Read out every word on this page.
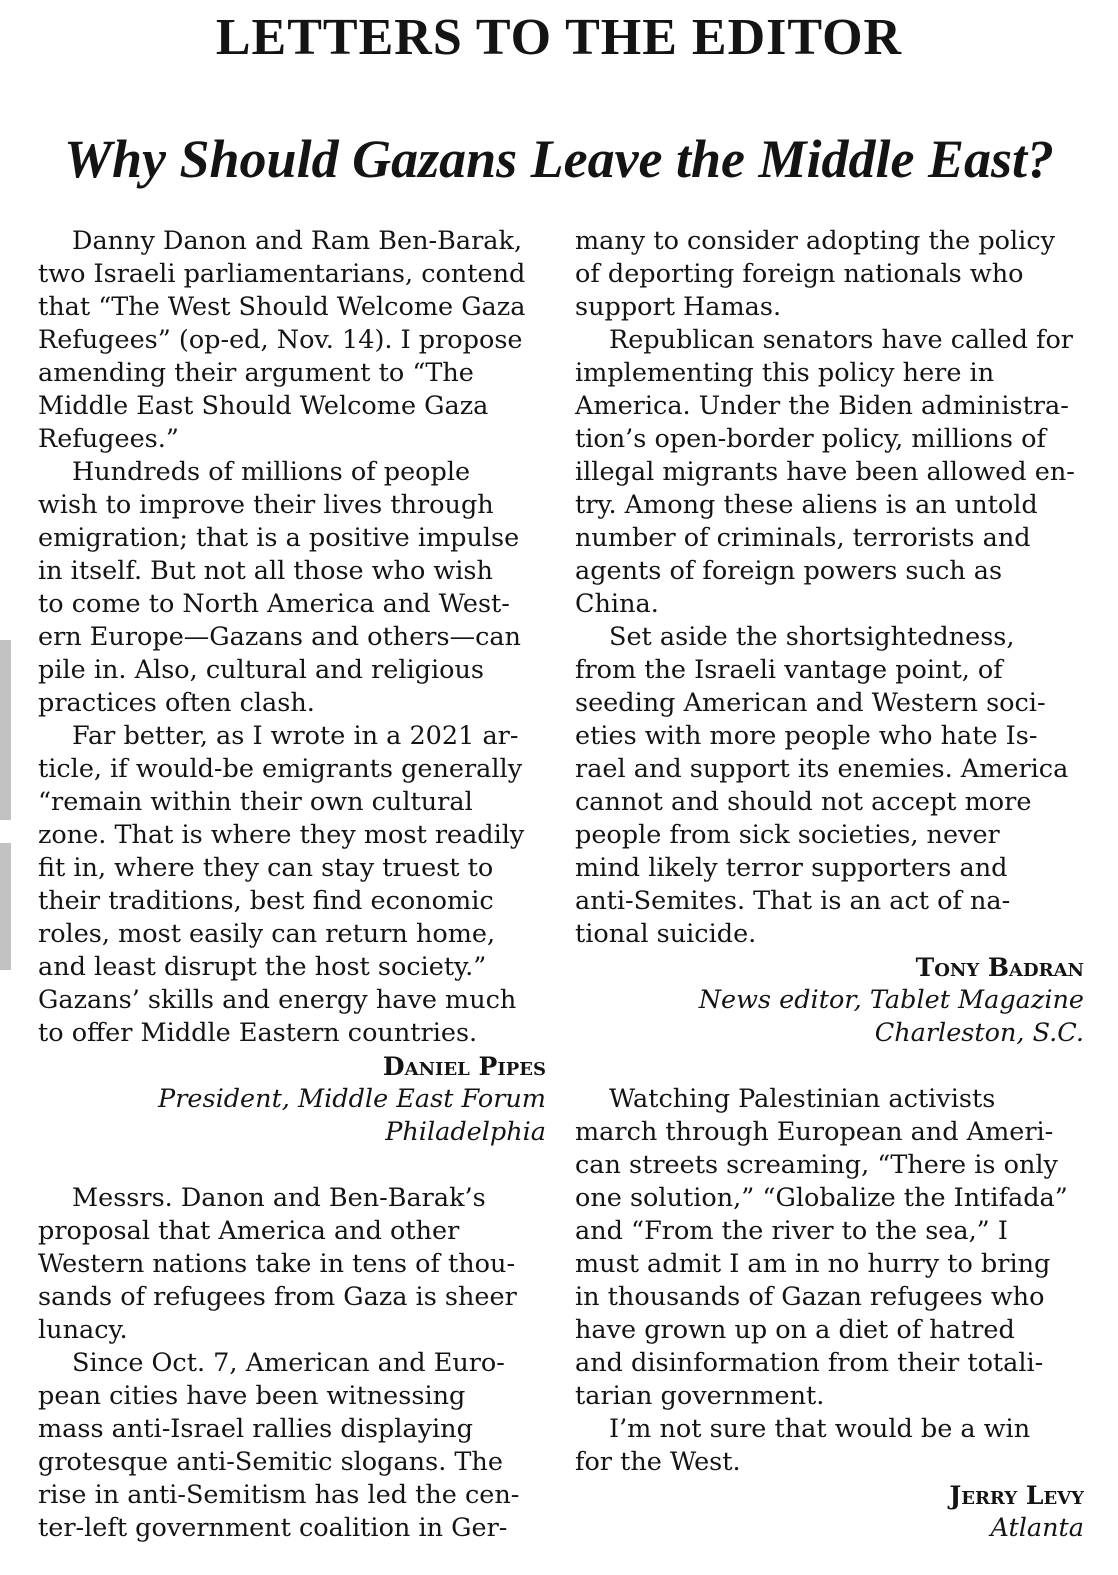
LETTERS TO THE EDITOR
Why Should Gazans Leave the Middle East?
Danny Danon and Ram Ben-Barak,
two Israeli parliamentarians, contend
that “The West Should Welcome Gaza
Refugees” (op-ed, Nov. 14). I propose
amending their argument to “The
Middle East Should Welcome Gaza
Refugees.”
Hundreds of millions of people
wish to improve their lives through
emigration; that is a positive impulse
in itself. But not all those who wish
to come to North America and West-
ern Europe—Gazans and others—can
pile in. Also, cultural and religious
practices often clash.
Far better, as I wrote in a 2021 ar-
ticle, if would-be emigrants generally
“remain within their own cultural
zone. That is where they most readily
fit in, where they can stay truest to
their traditions, best find economic
roles, most easily can return home,
and least disrupt the host society.”
Gazans’ skills and energy have much
to offer Middle Eastern countries.
Daniel Pipes
President, Middle East Forum
Philadelphia
Messrs. Danon and Ben-Barak’s
proposal that America and other
Western nations take in tens of thou-
sands of refugees from Gaza is sheer
lunacy.
Since Oct. 7, American and Euro-
pean cities have been witnessing
mass anti-Israel rallies displaying
grotesque anti-Semitic slogans. The
rise in anti-Semitism has led the cen-
ter-left government coalition in Ger-
many to consider adopting the policy
of deporting foreign nationals who
support Hamas.
Republican senators have called for
implementing this policy here in
America. Under the Biden administra-
tion’s open-border policy, millions of
illegal migrants have been allowed en-
try. Among these aliens is an untold
number of criminals, terrorists and
agents of foreign powers such as
China.
Set aside the shortsightedness,
from the Israeli vantage point, of
seeding American and Western soci-
eties with more people who hate Is-
rael and support its enemies. America
cannot and should not accept more
people from sick societies, never
mind likely terror supporters and
anti-Semites. That is an act of na-
tional suicide.
Tony Badran
News editor, Tablet Magazine
Charleston, S.C.
Watching Palestinian activists
march through European and Ameri-
can streets screaming, “There is only
one solution,” “Globalize the Intifada”
and “From the river to the sea,” I
must admit I am in no hurry to bring
in thousands of Gazan refugees who
have grown up on a diet of hatred
and disinformation from their totali-
tarian government.
I’m not sure that would be a win
for the West.
Jerry Levy
Atlanta
